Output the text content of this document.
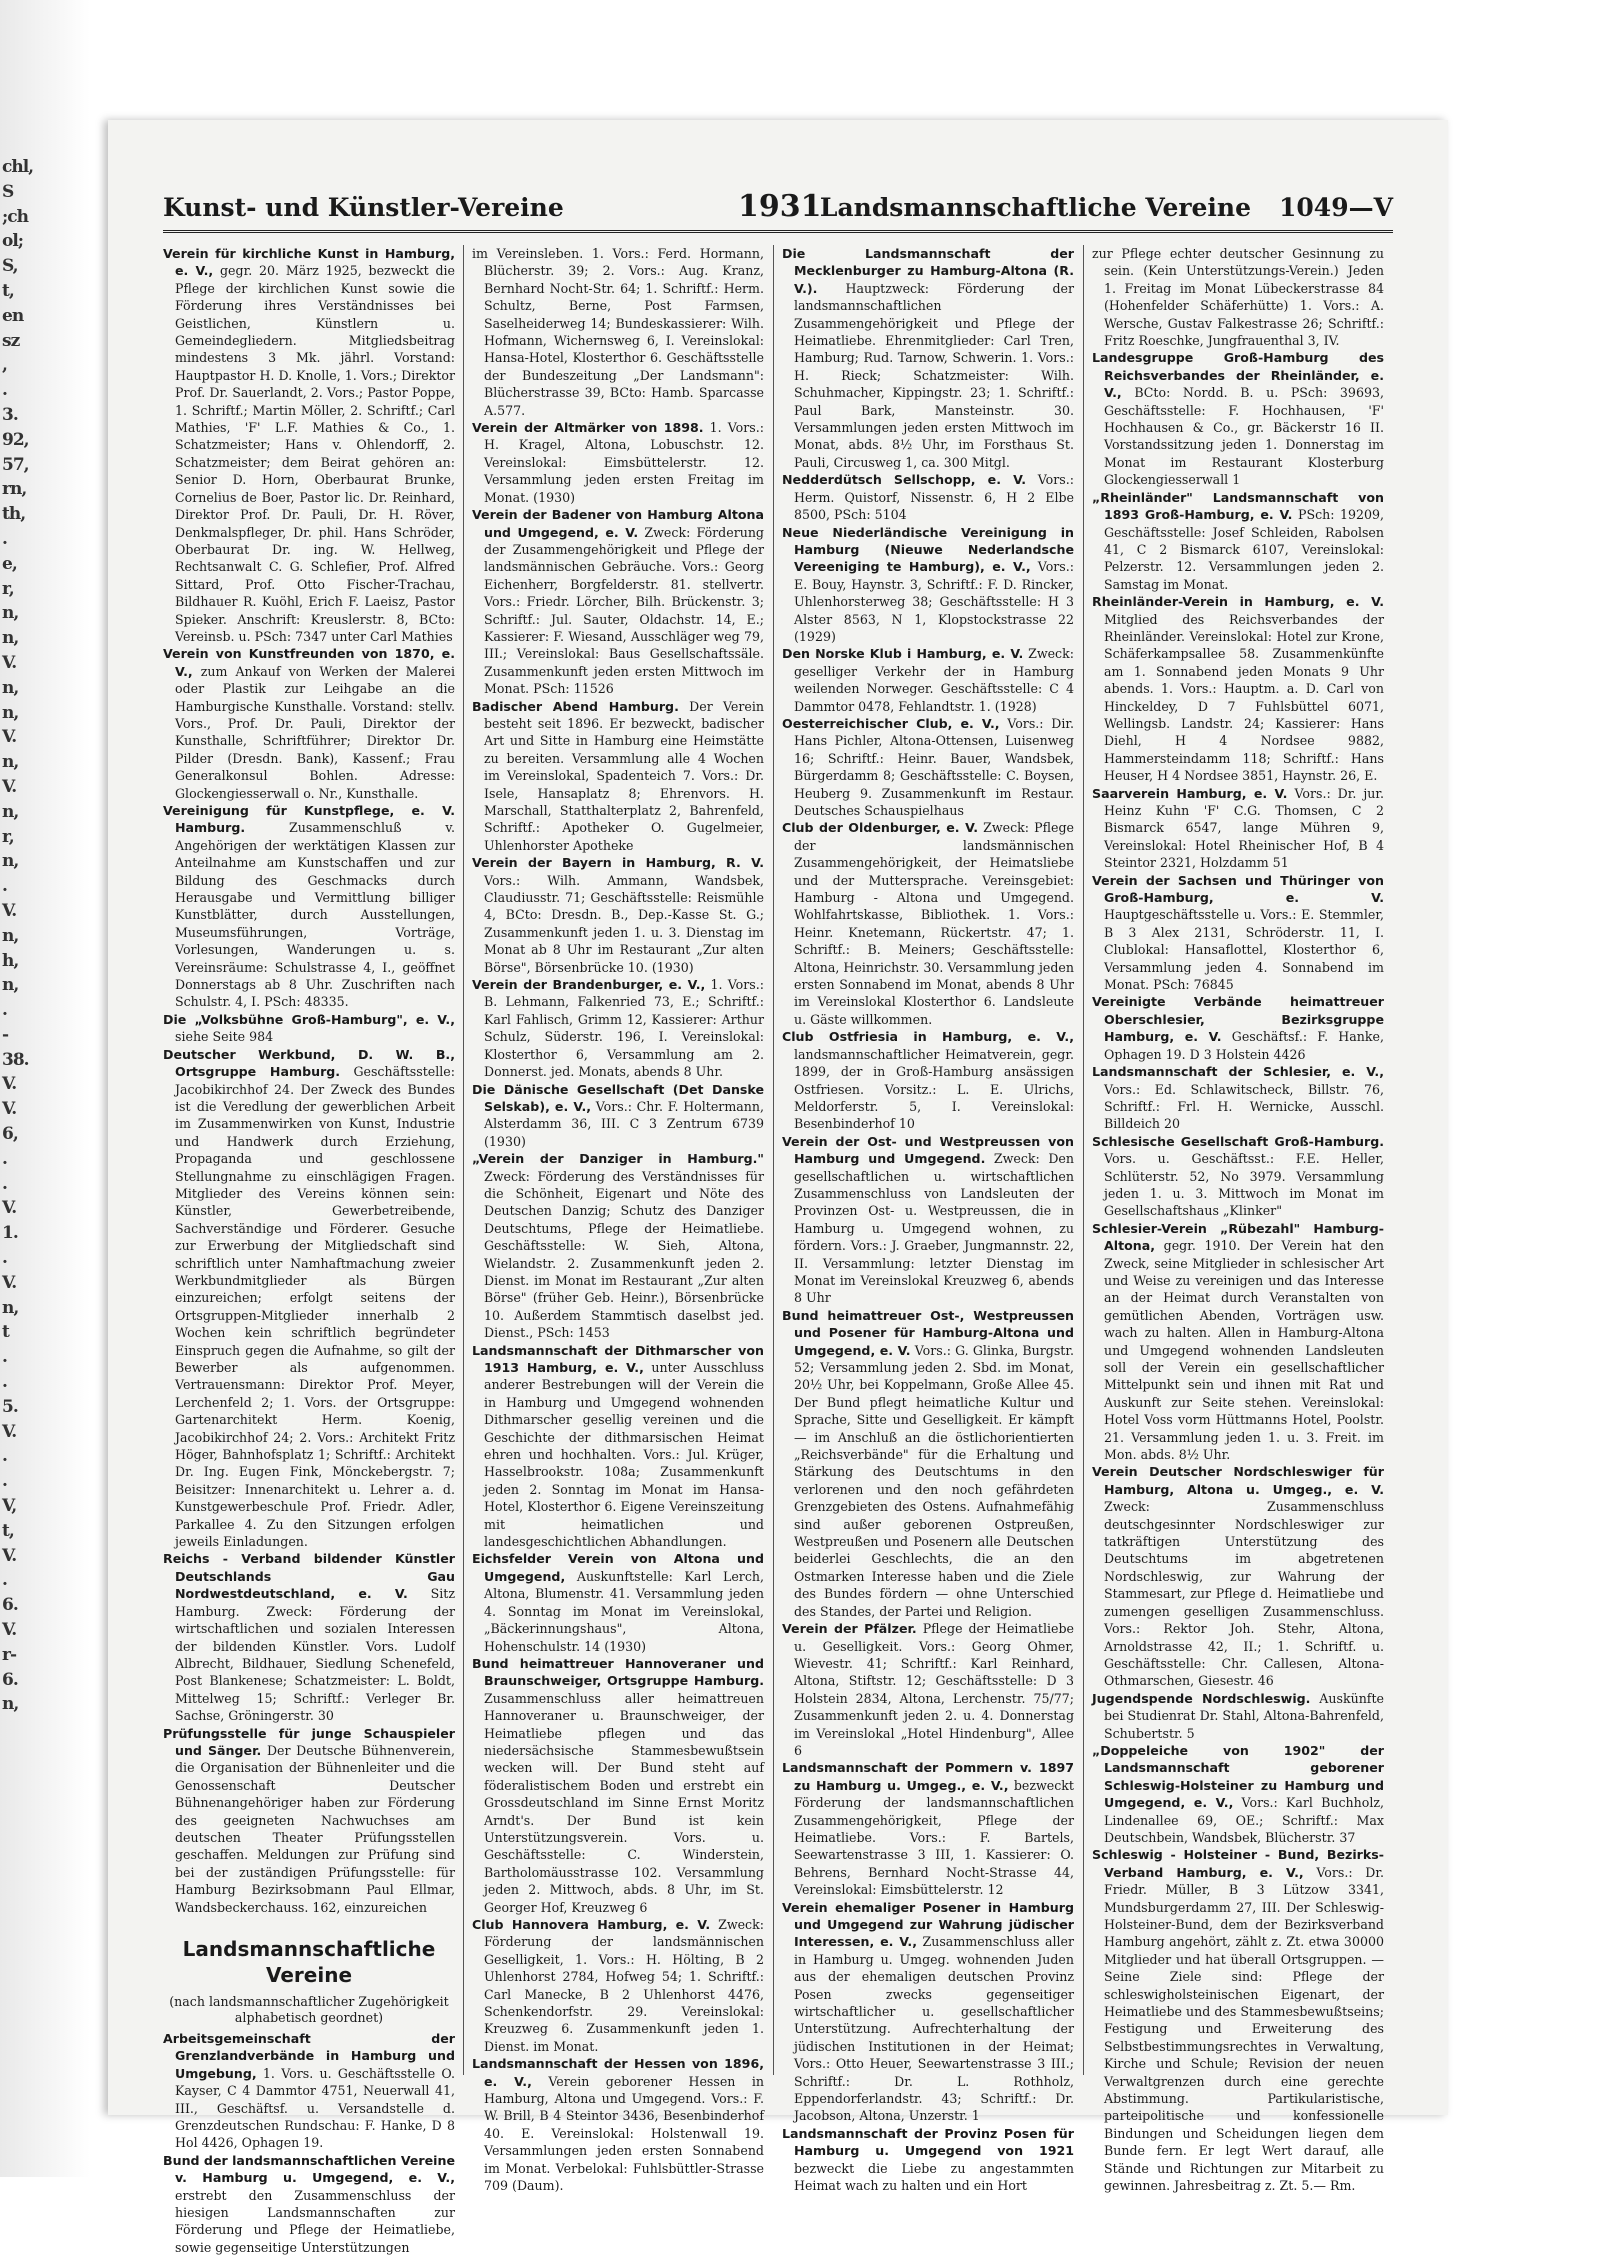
chl,
S
;ch
ol;
S,
t,
en
sz
,
.
3.
92,
57,
rn,
th,
.
e,
r,
n,
n,
V.
n,
n,
V.
n,
V.
n,
r,
n,
.
V.
n,
h,
n,
.
-
38.
V.
V.
6,
.
.
V.
1.
.
V.
n,
t
.
.
5.
V.
.
.
V,
t,
V.
.
6.
V.
r-
6.
n,
Kunst- und Künstler-Vereine	1931
Landsmannschaftliche Vereine 1049—V
Verein für kirchliche Kunst in Hamburg, e. V., gegr. 20. März 1925, bezweckt die Pflege der kirchlichen Kunst sowie die Förderung ihres Verständnisses bei Geistlichen, Künstlern u. Gemeindegliedern. Mitgliedsbeitrag mindestens 3 Mk. jährl. Vorstand: Hauptpastor H. D. Knolle, 1. Vors.; Direktor Prof. Dr. Sauerlandt, 2. Vors.; Pastor Poppe, 1. Schriftf.; Martin Möller, 2. Schriftf.; Carl Mathies, 'F' L.F. Mathies & Co., 1. Schatzmeister; Hans v. Ohlendorff, 2. Schatzmeister; dem Beirat gehören an: Senior D. Horn, Oberbaurat Brunke, Cornelius de Boer, Pastor lic. Dr. Reinhard, Direktor Prof. Dr. Pauli, Dr. H. Röver, Denkmalspfleger, Dr. phil. Hans Schröder, Oberbaurat Dr. ing. W. Hellweg, Rechtsanwalt C. G. Schlefier, Prof. Alfred Sittard, Prof. Otto Fischer-Trachau, Bildhauer R. Kuöhl, Erich F. Laeisz, Pastor Spieker. Anschrift: Kreuslerstr. 8, BCto: Vereinsb. u. PSch: 7347 unter Carl Mathies
Verein von Kunstfreunden von 1870, e. V., zum Ankauf von Werken der Malerei oder Plastik zur Leihgabe an die Hamburgische Kunsthalle. Vorstand: stellv. Vors., Prof. Dr. Pauli, Direktor der Kunsthalle, Schriftführer; Direktor Dr. Pilder (Dresdn. Bank), Kassenf.; Frau Generalkonsul Bohlen. Adresse: Glockengiesserwall o. Nr., Kunsthalle.
Vereinigung für Kunstpflege, e. V. Hamburg.	Zusammenschluß v. Angehörigen der werktätigen Klassen zur Anteilnahme am Kunstschaffen und zur Bildung des Geschmacks durch Herausgabe und Vermittlung billiger Kunstblätter, durch Ausstellungen, Museumsführungen, Vorträge, Vorlesungen, Wanderungen u. s. Vereinsräume: Schulstrasse 4, I., geöffnet Donnerstags ab 8 Uhr. Zuschriften nach Schulstr. 4, I. PSch: 48335.
Die „Volksbühne Groß-Hamburg", e. V., siehe Seite 984
Deutscher Werkbund, D. W. B., Ortsgruppe Hamburg. Geschäftsstelle: Jacobikirchhof 24. Der Zweck des Bundes ist die Veredlung der gewerblichen Arbeit im Zusammenwirken von Kunst, Industrie und Handwerk durch Erziehung, Propaganda und geschlossene Stellungnahme zu einschlägigen Fragen. Mitglieder des Vereins können sein: Künstler, Gewerbetreibende, Sachverständige und Förderer. Gesuche zur Erwerbung der Mitgliedschaft sind schriftlich unter Namhaftmachung zweier Werkbundmitglieder als Bürgen einzureichen; erfolgt seitens der Ortsgruppen-Mitglieder innerhalb 2 Wochen kein schriftlich begründeter Einspruch gegen die Aufnahme, so gilt der Bewerber als aufgenommen. Vertrauensmann: Direktor Prof. Meyer, Lerchenfeld 2; 1. Vors. der Ortsgruppe: Gartenarchitekt Herm. Koenig, Jacobikirchhof 24; 2. Vors.: Architekt Fritz Höger, Bahnhofsplatz 1; Schriftf.: Architekt Dr. Ing. Eugen Fink, Mönckebergstr. 7; Beisitzer: Innenarchitekt u. Lehrer a. d. Kunstgewerbeschule Prof. Friedr. Adler, Parkallee 4. Zu den Sitzungen erfolgen jeweils Einladungen.
Reichs - Verband bildender Künstler Deutschlands Gau Nordwestdeutschland, e. V. Sitz Hamburg. Zweck: Förderung der wirtschaftlichen und sozialen Interessen der bildenden Künstler. Vors. Ludolf Albrecht, Bildhauer, Siedlung Schenefeld, Post Blankenese; Schatzmeister: L. Boldt, Mittelweg 15; Schriftf.: Verleger Br. Sachse, Gröningerstr. 30
Prüfungsstelle für junge Schauspieler und Sänger. Der Deutsche Bühnenverein, die Organisation der Bühnenleiter und die Genossenschaft Deutscher Bühnenangehöriger haben zur Förderung des geeigneten Nachwuchses am deutschen Theater Prüfungsstellen geschaffen. Meldungen zur Prüfung sind bei der zuständigen Prüfungsstelle: für Hamburg Bezirksobmann Paul Ellmar, Wandsbeckerchauss. 162, einzureichen
Landsmannschaftliche Vereine
(nach landsmannschaftlicher Zugehörigkeit alphabetisch geordnet)
Arbeitsgemeinschaft der Grenzlandverbände in Hamburg und Umgebung, 1. Vors. u. Geschäftsstelle O. Kayser, C 4 Dammtor 4751, Neuerwall 41, III., Geschäftsf. u. Versandstelle d. Grenzdeutschen Rundschau: F. Hanke, D 8 Hol 4426, Ophagen 19.
Bund der landsmannschaftlichen Vereine v. Hamburg u. Umgegend, e. V., erstrebt den Zusammenschluss der hiesigen Landsmannschaften zur Förderung und Pflege der Heimatliebe, sowie gegenseitige Unterstützungen
im Vereinsleben. 1. Vors.: Ferd. Hormann, Blücherstr. 39; 2. Vors.: Aug. Kranz, Bernhard Nocht-Str. 64; 1. Schriftf.: Herm. Schultz, Berne, Post Farmsen, Saselheiderweg 14; Bundeskassierer: Wilh. Hofmann, Wichernsweg 6, I. Vereinslokal: Hansa-Hotel, Klosterthor 6. Geschäftsstelle der Bundeszeitung „Der Landsmann": Blücherstrasse 39, BCto: Hamb. Sparcasse A.577.
Verein der Altmärker von 1898. 1. Vors.: H. Kragel, Altona, Lobuschstr. 12. Vereinslokal: Eimsbüttelerstr. 12. Versammlung jeden ersten Freitag im Monat. (1930)
Verein der Badener von Hamburg Altona und Umgegend, e. V. Zweck: Förderung der Zusammengehörigkeit und Pflege der landsmännischen Gebräuche. Vors.: Georg Eichenherr, Borgfelderstr. 81. stellvertr. Vors.: Friedr. Lörcher, Bilh. Brückenstr. 3; Schriftf.: Jul. Sauter, Oldachstr. 14, E.; Kassierer: F. Wiesand, Ausschläger weg 79, III.; Vereinslokal: Baus Gesellschaftssäle. Zusammenkunft jeden ersten Mittwoch im Monat. PSch: 11526
Badischer Abend Hamburg. Der Verein besteht seit 1896. Er bezweckt, badischer Art und Sitte in Hamburg eine Heimstätte zu bereiten. Versammlung alle 4 Wochen im Vereinslokal, Spadenteich 7. Vors.: Dr. Isele, Hansaplatz 8; Ehrenvors. H. Marschall, Statthalterplatz 2, Bahrenfeld, Schriftf.: Apotheker O. Gugelmeier, Uhlenhorster Apotheke
Verein der Bayern in Hamburg, R. V. Vors.: Wilh. Ammann, Wandsbek, Claudiusstr. 71; Geschäftsstelle: Reismühle 4, BCto: Dresdn. B., Dep.-Kasse St. G.; Zusammenkunft jeden 1. u. 3. Dienstag im Monat ab 8 Uhr im Restaurant „Zur alten Börse", Börsenbrücke 10. (1930)
Verein der Brandenburger, e. V., 1. Vors.: B. Lehmann, Falkenried 73, E.; Schriftf.: Karl Fahlisch, Grimm 12, Kassierer: Arthur Schulz, Süderstr. 196, I. Vereinslokal: Klosterthor 6, Versammlung am 2. Donnerst. jed. Monats, abends 8 Uhr.
Die Dänische Gesellschaft (Det Danske Selskab), e. V., Vors.: Chr. F. Holtermann, Alsterdamm 36, III. C 3 Zentrum 6739 (1930)
„Verein der Danziger in Hamburg." Zweck: Förderung des Verständnisses für die Schönheit, Eigenart und Nöte des Deutschen Danzig; Schutz des Danziger Deutschtums, Pflege der Heimatliebe. Geschäftsstelle: W. Sieh, Altona, Wielandstr. 2. Zusammenkunft jeden 2. Dienst. im Monat im Restaurant „Zur alten Börse" (früher Geb. Heinr.), Börsenbrücke 10. Außerdem Stammtisch daselbst jed. Dienst., PSch: 1453
Landsmannschaft der Dithmarscher von 1913 Hamburg, e. V., unter Ausschluss anderer Bestrebungen will der Verein die in Hamburg und Umgegend wohnenden Dithmarscher gesellig vereinen und die Geschichte der dithmarsischen Heimat ehren und hochhalten. Vors.: Jul. Krüger, Hasselbrookstr. 108a; Zusammenkunft jeden 2. Sonntag im Monat im Hansa-Hotel, Klosterthor 6. Eigene Vereinszeitung mit heimatlichen und landesgeschichtlichen Abhandlungen.
Eichsfelder Verein von Altona und Umgegend, Auskunftstelle: Karl Lerch, Altona, Blumenstr. 41. Versammlung jeden 4. Sonntag im Monat im Vereinslokal, „Bäckerinnungshaus", Altona, Hohenschulstr. 14 (1930)
Bund heimattreuer Hannoveraner und Braunschweiger, Ortsgruppe Hamburg. Zusammenschluss aller heimattreuen Hannoveraner u. Braunschweiger, der Heimatliebe pflegen und das niedersächsische Stammesbewußtsein wecken will. Der Bund steht auf föderalistischem Boden und erstrebt ein Grossdeutschland im Sinne Ernst Moritz Arndt's. Der Bund ist kein Unterstützungsverein. Vors. u. Geschäftsstelle: C. Winderstein, Bartholomäusstrasse 102. Versammlung jeden 2. Mittwoch, abds. 8 Uhr, im St. Georger Hof, Kreuzweg 6
Club Hannovera Hamburg, e. V. Zweck: Förderung der landsmännischen Geselligkeit, 1. Vors.: H. Hölting, B 2 Uhlenhorst 2784, Hofweg 54; 1. Schriftf.: Carl Manecke, B 2 Uhlenhorst 4476, Schenkendorfstr. 29. Vereinslokal: Kreuzweg 6. Zusammenkunft jeden 1. Dienst. im Monat.
Landsmannschaft der Hessen von 1896, e. V., Verein geborener Hessen in Hamburg, Altona und Umgegend. Vors.: F. W. Brill, B 4 Steintor 3436, Besenbinderhof 40. E. Vereinslokal: Holstenwall 19. Versammlungen jeden ersten Sonnabend im Monat. Verbelokal: Fuhlsbüttler-Strasse 709 (Daum).
Die Landsmannschaft der Mecklenburger zu Hamburg-Altona (R. V.). Hauptzweck: Förderung der landsmannschaftlichen Zusammengehörigkeit und Pflege der Heimatliebe. Ehrenmitglieder: Carl Tren, Hamburg; Rud. Tarnow, Schwerin. 1. Vors.: H. Rieck; Schatzmeister: Wilh. Schuhmacher, Kippingstr. 23; 1. Schriftf.: Paul Bark, Mansteinstr. 30. Versammlungen jeden ersten Mittwoch im Monat, abds. 8½ Uhr, im Forsthaus St. Pauli, Circusweg 1, ca. 300 Mitgl.
Nedderdütsch Sellschopp, e. V. Vors.: Herm. Quistorf, Nissenstr. 6, H 2 Elbe 8500, PSch: 5104
Neue Niederländische Vereinigung in Hamburg (Nieuwe Nederlandsche Vereeniging te Hamburg), e. V., Vors.: E. Bouy, Haynstr. 3, Schriftf.: F. D. Rincker, Uhlenhorsterweg 38; Geschäftsstelle: H 3 Alster 8563, N 1, Klopstockstrasse 22 (1929)
Den Norske Klub i Hamburg, e. V. Zweck: geselliger Verkehr der in Hamburg weilenden Norweger. Geschäftsstelle: C 4 Dammtor 0478, Fehlandtstr. 1. (1928)
Oesterreichischer Club, e. V., Vors.: Dir. Hans Pichler, Altona-Ottensen, Luisenweg 16; Schriftf.: Heinr. Bauer, Wandsbek, Bürgerdamm 8; Geschäftsstelle: C. Boysen, Heuberg 9. Zusammenkunft im Restaur. Deutsches Schauspielhaus
Club der Oldenburger, e. V. Zweck: Pflege der landsmännischen Zusammengehörigkeit, der Heimatsliebe und der Muttersprache. Vereinsgebiet: Hamburg - Altona und Umgegend. Wohlfahrtskasse, Bibliothek. 1. Vors.: Heinr. Knetemann, Rückertstr. 47; 1. Schriftf.: B. Meiners; Geschäftsstelle: Altona, Heinrichstr. 30. Versammlung jeden ersten Sonnabend im Monat, abends 8 Uhr im Vereinslokal Klosterthor 6. Landsleute u. Gäste willkommen.
Club Ostfriesia in Hamburg, e. V., landsmannschaftlicher Heimatverein, gegr. 1899, der in Groß-Hamburg ansässigen Ostfriesen. Vorsitz.: L. E. Ulrichs, Meldorferstr. 5, I. Vereinslokal: Besenbinderhof 10
Verein der Ost- und Westpreussen von Hamburg und Umgegend. Zweck: Den gesellschaftlichen u. wirtschaftlichen Zusammenschluss von Landsleuten der Provinzen Ost- u. Westpreussen, die in Hamburg u. Umgegend wohnen, zu fördern. Vors.: J. Graeber, Jungmannstr. 22, II. Versammlung: letzter Dienstag im Monat im Vereinslokal Kreuzweg 6, abends 8 Uhr
Bund heimattreuer Ost-, Westpreussen und Posener für Hamburg-Altona und Umgegend, e. V. Vors.: G. Glinka, Burgstr. 52; Versammlung jeden 2. Sbd. im Monat, 20½ Uhr, bei Koppelmann, Große Allee 45. Der Bund pflegt heimatliche Kultur und Sprache, Sitte und Geselligkeit. Er kämpft — im Anschluß an die östlichorientierten „Reichsverbände" für die Erhaltung und Stärkung des Deutschtums in den verlorenen und den noch gefährdeten Grenzgebieten des Ostens. Aufnahmefähig sind außer geborenen Ostpreußen, Westpreußen und Posenern alle Deutschen beiderlei Geschlechts, die an den Ostmarken Interesse haben und die Ziele des Bundes fördern — ohne Unterschied des Standes, der Partei und Religion.
Verein der Pfälzer. Pflege der Heimatliebe u. Geselligkeit. Vors.: Georg Ohmer, Wievestr. 41; Schriftf.: Karl Reinhard, Altona, Stiftstr. 12; Geschäftsstelle: D 3 Holstein 2834, Altona, Lerchenstr. 75/77; Zusammenkunft jeden 2. u. 4. Donnerstag im Vereinslokal „Hotel Hindenburg", Allee 6
Landsmannschaft der Pommern v. 1897 zu Hamburg u. Umgeg., e. V., bezweckt Förderung der landsmannschaftlichen Zusammengehörigkeit, Pflege der Heimatliebe. Vors.: F. Bartels, Seewartenstrasse 3 III, 1. Kassierer: O. Behrens, Bernhard Nocht-Strasse 44, Vereinslokal: Eimsbüttelerstr. 12
Verein ehemaliger Posener in Hamburg und Umgegend zur Wahrung jüdischer Interessen, e. V., Zusammenschluss aller in Hamburg u. Umgeg. wohnenden Juden aus der ehemaligen deutschen Provinz Posen zwecks gegenseitiger wirtschaftlicher u. gesellschaftlicher Unterstützung. Aufrechterhaltung der jüdischen Institutionen in der Heimat; Vors.: Otto Heuer, Seewartenstrasse 3 III.; Schriftf.: Dr. L. Rothholz, Eppendorferlandstr. 43; Schriftf.: Dr. Jacobson, Altona, Unzerstr. 1
Landsmannschaft der Provinz Posen für Hamburg u. Umgegend von 1921 bezweckt die Liebe zu angestammten Heimat wach zu halten und ein Hort
zur Pflege echter deutscher Gesinnung zu sein. (Kein Unterstützungs-Verein.) Jeden 1. Freitag im Monat Lübeckerstrasse 84 (Hohenfelder Schäferhütte) 1. Vors.: A. Wersche, Gustav Falkestrasse 26; Schriftf.: Fritz Roeschke, Jungfrauenthal 3, IV.
Landesgruppe Groß-Hamburg des Reichsverbandes der Rheinländer, e. V., BCto: Nordd. B. u. PSch: 39693, Geschäftsstelle: F. Hochhausen, 'F' Hochhausen & Co., gr. Bäckerstr 16 II. Vorstandssitzung jeden 1. Donnerstag im Monat im Restaurant Klosterburg Glockengiesserwall 1
„Rheinländer" Landsmannschaft von 1893 Groß-Hamburg, e. V. PSch: 19209, Geschäftsstelle: Josef Schleiden, Rabolsen 41, C 2 Bismarck 6107, Vereinslokal: Pelzerstr. 12. Versammlungen jeden 2. Samstag im Monat.
Rheinländer-Verein in Hamburg, e. V. Mitglied des Reichsverbandes der Rheinländer. Vereinslokal: Hotel zur Krone, Schäferkampsallee 58. Zusammenkünfte am 1. Sonnabend jeden Monats 9 Uhr abends. 1. Vors.: Hauptm. a. D. Carl von Hinckeldey, D 7 Fuhlsbüttel 6071, Wellingsb. Landstr. 24; Kassierer: Hans Diehl, H 4 Nordsee 9882, Hammersteindamm 118; Schriftf.: Hans Heuser, H 4 Nordsee 3851, Haynstr. 26, E.
Saarverein Hamburg, e. V. Vors.: Dr. jur. Heinz Kuhn 'F' C.G. Thomsen, C 2 Bismarck 6547, lange Mühren 9, Vereinslokal: Hotel Rheinischer Hof, B 4 Steintor 2321, Holzdamm 51
Verein der Sachsen und Thüringer von Groß-Hamburg, e. V. Hauptgeschäftsstelle u. Vors.: E. Stemmler, B 3 Alex 2131, Schröderstr. 11, I. Clublokal: Hansaflottel, Klosterthor 6, Versammlung jeden 4. Sonnabend im Monat. PSch: 76845
Vereinigte Verbände heimattreuer Oberschlesier, Bezirksgruppe Hamburg, e. V. Geschäftsf.: F. Hanke, Ophagen 19. D 3 Holstein 4426
Landsmannschaft der Schlesier, e. V., Vors.: Ed. Schlawitscheck, Billstr. 76, Schriftf.: Frl. H. Wernicke, Ausschl. Billdeich 20
Schlesische Gesellschaft Groß-Hamburg. Vors. u. Geschäftsst.: F.E. Heller, Schlüterstr. 52, No 3979. Versammlung jeden 1. u. 3. Mittwoch im Monat im Gesellschaftshaus „Klinker"
Schlesier-Verein „Rübezahl" Hamburg-Altona, gegr. 1910. Der Verein hat den Zweck, seine Mitglieder in schlesischer Art und Weise zu vereinigen und das Interesse an der Heimat durch Veranstalten von gemütlichen Abenden, Vorträgen usw. wach zu halten. Allen in Hamburg-Altona und Umgegend wohnenden Landsleuten soll der Verein ein gesellschaftlicher Mittelpunkt sein und ihnen mit Rat und Auskunft zur Seite stehen. Vereinslokal: Hotel Voss vorm Hüttmanns Hotel, Poolstr. 21. Versammlung jeden 1. u. 3. Freit. im Mon. abds. 8½ Uhr.
Verein Deutscher Nordschleswiger für Hamburg, Altona u. Umgeg., e. V. Zweck: Zusammenschluss deutschgesinnter Nordschleswiger zur tatkräftigen Unterstützung des Deutschtums im abgetretenen Nordschleswig, zur Wahrung der Stammesart, zur Pflege d. Heimatliebe und zumengen geselligen Zusammenschluss. Vors.: Rektor Joh. Stehr, Altona, Arnoldstrasse 42, II.; 1. Schriftf. u. Geschäftsstelle: Chr. Callesen, Altona-Othmarschen, Giesestr. 46
Jugendspende Nordschleswig. Auskünfte bei Studienrat Dr. Stahl, Altona-Bahrenfeld, Schubertstr. 5
„Doppeleiche von 1902" der Landsmannschaft geborener Schleswig-Holsteiner zu Hamburg und Umgegend, e. V., Vors.: Karl Buchholz, Lindenallee 69, OE.; Schriftf.: Max Deutschbein, Wandsbek, Blücherstr. 37
Schleswig - Holsteiner - Bund, Bezirks-Verband Hamburg, e. V., Vors.: Dr. Friedr. Müller, B 3 Lützow 3341, Mundsburgerdamm 27, III. Der Schleswig-Holsteiner-Bund, dem der Bezirksverband Hamburg angehört, zählt z. Zt. etwa 30000 Mitglieder und hat überall Ortsgruppen. — Seine Ziele sind: Pflege der schleswigholsteinischen Eigenart, der Heimatliebe und des Stammesbewußtseins; Festigung und Erweiterung des Selbstbestimmungsrechtes in Verwaltung, Kirche und Schule; Revision der neuen Verwaltgrenzen durch eine gerechte Abstimmung. Partikularistische, parteipolitische und konfessionelle Bindungen und Scheidungen liegen dem Bunde fern. Er legt Wert darauf, alle Stände und Richtungen zur Mitarbeit zu gewinnen. Jahresbeitrag z. Zt. 5.— Rm.
